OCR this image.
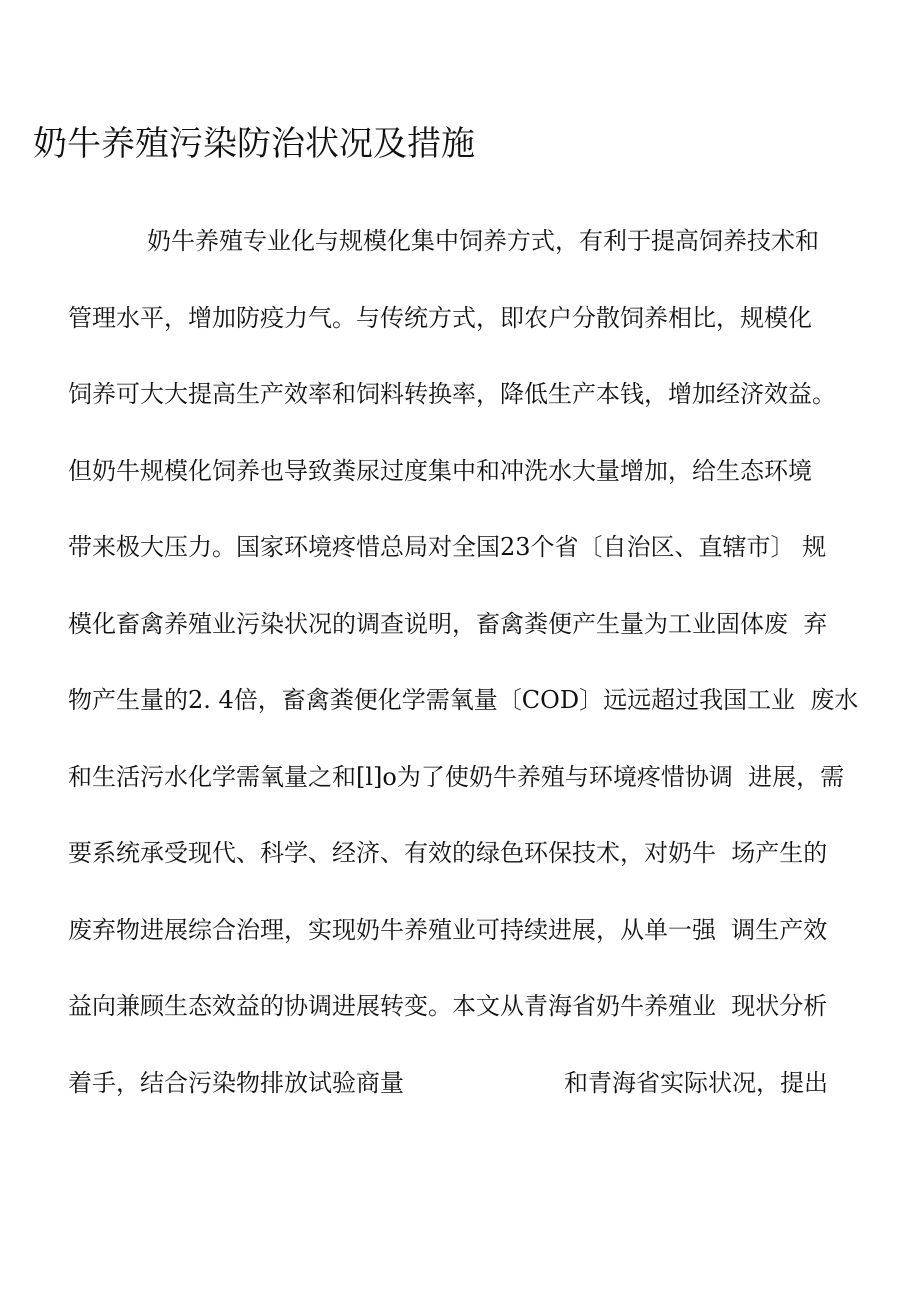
奶牛养殖污染防治状况及措施
奶牛养殖专业化与规模化集中饲养方式，有利于提高饲养技术和
管理水平，增加防疫力气。与传统方式，即农户分散饲养相比，规模化
饲养可大大提高生产效率和饲料转换率，降低生产本钱，增加经济效益。
但奶牛规模化饲养也导致粪尿过度集中和冲洗水大量增加，给生态环境
带来极大压力。国家环境疼惜总局对全国23个省〔自治区、直辖市〕 规
模化畜禽养殖业污染状况的调查说明，畜禽粪便产生量为工业固体废  弃
物产生量的2. 4倍，畜禽粪便化学需氧量〔COD〕远远超过我国工业  废水
和生活污水化学需氧量之和[l]o为了使奶牛养殖与环境疼惜协调  进展，需
要系统承受现代、科学、经济、有效的绿色环保技术，对奶牛  场产生的
废弃物进展综合治理，实现奶牛养殖业可持续进展，从单一强  调生产效
益向兼顾生态效益的协调进展转变。本文从青海省奶牛养殖业  现状分析
着手，结合污染物排放试验商量	和青海省实际状况，提出
